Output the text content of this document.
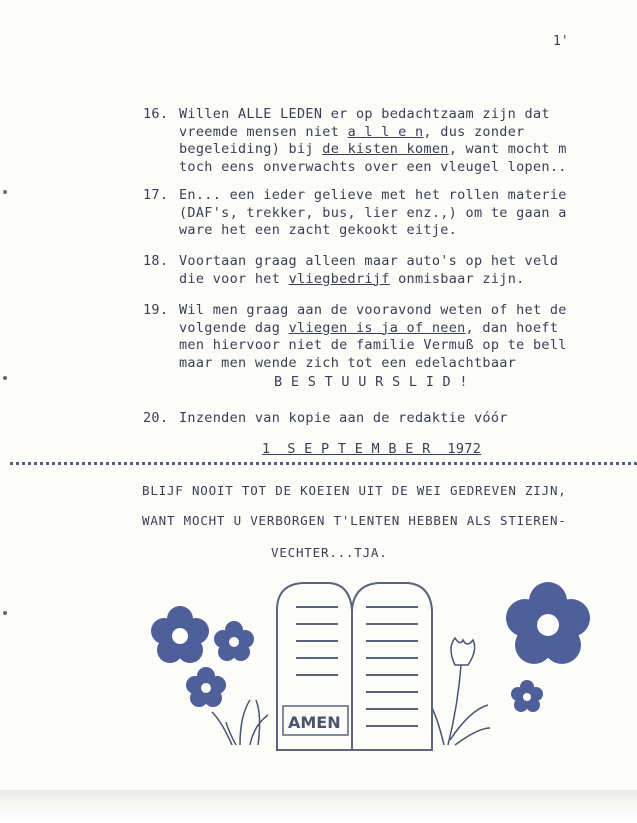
1'
16. Willen ALLE LEDEN er op bedachtzaam zijn dat
vreemde mensen niet a l l e n, dus zonder
begeleiding) bij de kisten komen, want mocht m
toch eens onverwachts over een vleugel lopen..
17. En... een ieder gelieve met het rollen materie
(DAF's, trekker, bus, lier enz.,) om te gaan a
ware het een zacht gekookt eitje.
18. Voortaan graag alleen maar auto's op het veld
die voor het vliegbedrijf onmisbaar zijn.
19. Wil men graag aan de vooravond weten of het de
volgende dag vliegen is ja of neen, dan hoeft
men hiervoor niet de familie Vermuß op te bell
maar men wende zich tot een edelachtbaar
20. Inzenden van kopie aan de redaktie vóór
B E S T U U R S L I D !
1  S E P T E M B E R  1972
BLIJF NOOIT TOT DE KOEIEN UIT DE WEI GEDREVEN ZIJN,
WANT MOCHT U VERBORGEN T'LENTEN HEBBEN ALS STIEREN-
VECHTER...TJA.
AMEN
